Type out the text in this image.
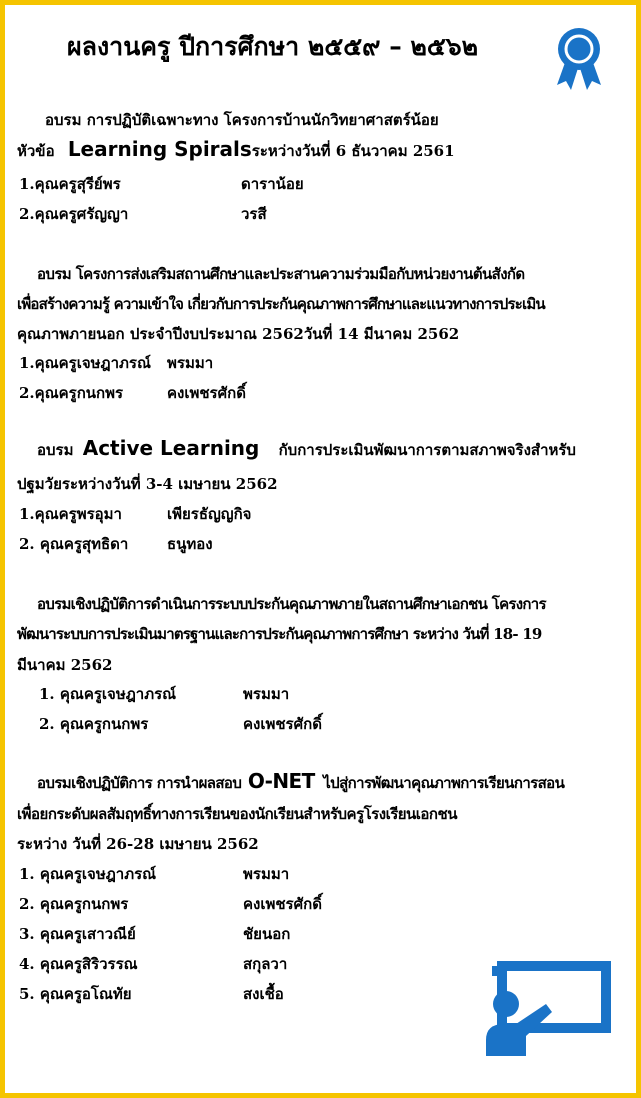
ผลงานครู ปีการศึกษา ๒๕๕๙ – ๒๕๖๒
อบรม การปฏิบัติเฉพาะทาง โครงการบ้านนักวิทยาศาสตร์น้อย
หัวข้อ Learning Spiralsระหว่างวันที่ 6 ธันวาคม 2561
1.คุณครูสุรีย์พร	ดาราน้อย
2.คุณครูศรัญญา	วรสี
อบรม โครงการส่งเสริมสถานศึกษาและประสานความร่วมมือกับหน่วยงานต้นสังกัด
เพื่อสร้างความรู้ ความเข้าใจ เกี่ยวกับการประกันคุณภาพการศึกษาและแนวทางการประเมิน
คุณภาพภายนอก ประจำปีงบประมาณ 2562วันที่ 14 มีนาคม 2562
1.คุณครูเจษฎาภรณ์ พรมมา
2.คุณครูกนกพร	คงเพชรศักดิ์
อบรม Active Learning กับการประเมินพัฒนาการตามสภาพจริงสำหรับ
ปฐมวัยระหว่างวันที่ 3-4 เมษายน 2562
1.คุณครูพรอุมา	เพียรธัญญกิจ
2. คุณครูสุทธิดา	ธนูทอง
อบรมเชิงปฏิบัติการดำเนินการระบบประกันคุณภาพภายในสถานศึกษาเอกชน โครงการ
พัฒนาระบบการประเมินมาตรฐานและการประกันคุณภาพการศึกษา ระหว่าง วันที่ 18- 19
มีนาคม 2562
1. คุณครูเจษฎาภรณ์	พรมมา
2. คุณครูกนกพร	คงเพชรศักดิ์
อบรมเชิงปฏิบัติการ การนำผลสอบ O-NET ไปสู่การพัฒนาคุณภาพการเรียนการสอน
เพื่อยกระดับผลสัมฤทธิ์ทางการเรียนของนักเรียนสำหรับครูโรงเรียนเอกชน
ระหว่าง วันที่ 26-28 เมษายน 2562
1. คุณครูเจษฎาภรณ์	พรมมา
2. คุณครูกนกพร	คงเพชรศักดิ์
3. คุณครูเสาวณีย์	ชัยนอก
4. คุณครูสิริวรรณ	สกุลวา
5. คุณครูอโณทัย	สงเชื้อ
